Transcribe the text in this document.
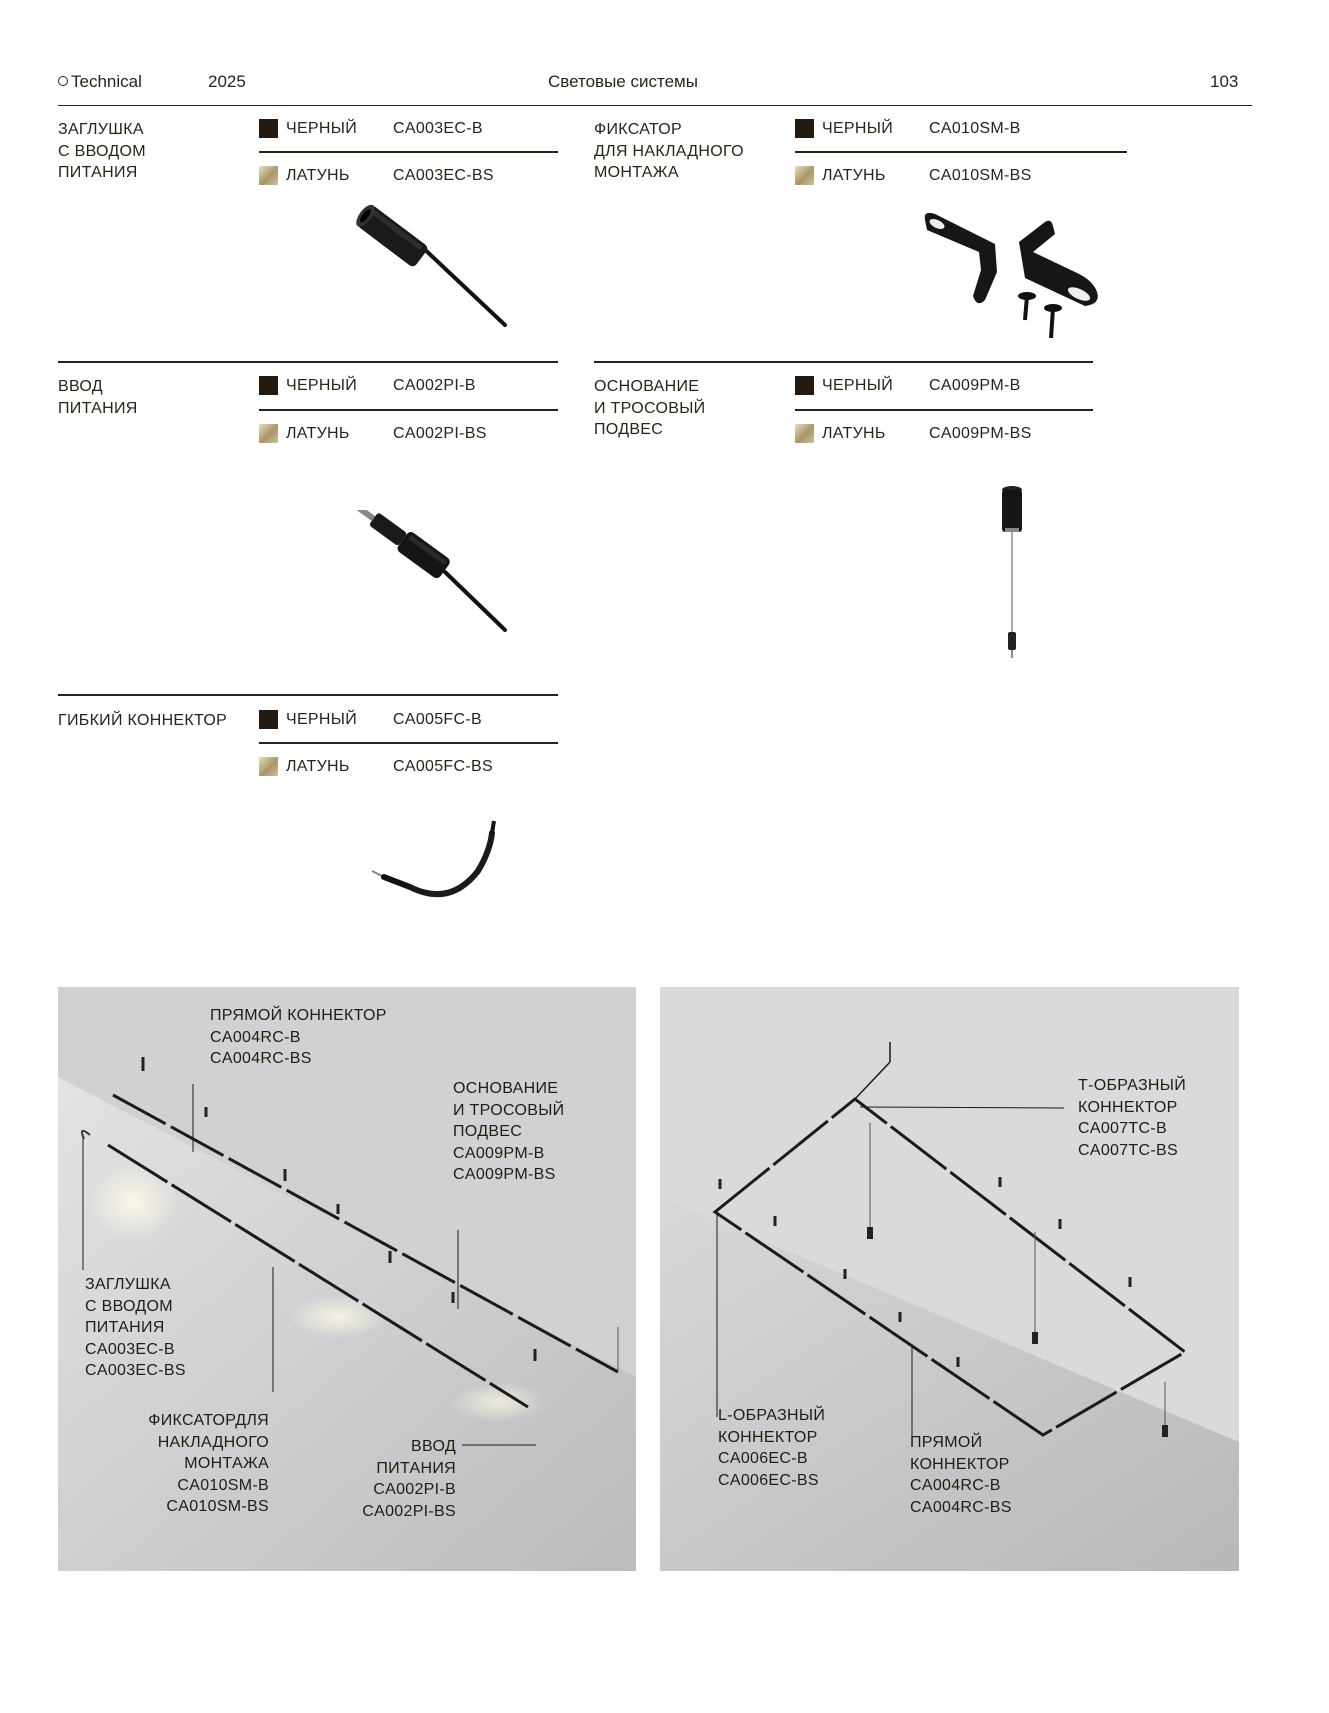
Technical	2025	Световые системы	103
ЗАГЛУШКА
С ВВОДОМ
ПИТАНИЯ
ЧЕРНЫЙ CA003EC-B
ЛАТУНЬ	CA003EC-BS
ФИКСАТОР
ДЛЯ НАКЛАДНОГО
МОНТАЖА
ЧЕРНЫЙ CA010SM-B
ЛАТУНЬ	CA010SM-BS
ВВОД
ПИТАНИЯ
ЧЕРНЫЙ CA002PI-B
ЛАТУНЬ	CA002PI-BS
ОСНОВАНИЕ
И ТРОСОВЫЙ
ПОДВЕС
ЧЕРНЫЙ CA009PM-B
ЛАТУНЬ	CA009PM-BS
ГИБКИЙ КОННЕКТОР	ЧЕРНЫЙ CA005FC-B
ЛАТУНЬ	CA005FC-BS
ПРЯМОЙ КОННЕКТОР
CA004RC-B
CA004RC-BS
ОСНОВАНИЕ
И ТРОСОВЫЙ
ПОДВЕС
CA009PM-B
CA009PM-BS
ЗАГЛУШКА
С ВВОДОМ
ПИТАНИЯ
CA003EC-B
CA003EC-BS
ФИКСАТОРДЛЯ
НАКЛАДНОГО
МОНТАЖА
CA010SM-B
CA010SM-BS
ВВОД
ПИТАНИЯ
CA002PI-B
CA002PI-BS
Т-ОБРАЗНЫЙ
КОННЕКТОР
CA007TC-B
CA007TC-BS
L-ОБРАЗНЫЙ
КОННЕКТОР
CA006EC-B
CA006EC-BS
ПРЯМОЙ
КОННЕКТОР
CA004RC-B
CA004RC-BS
